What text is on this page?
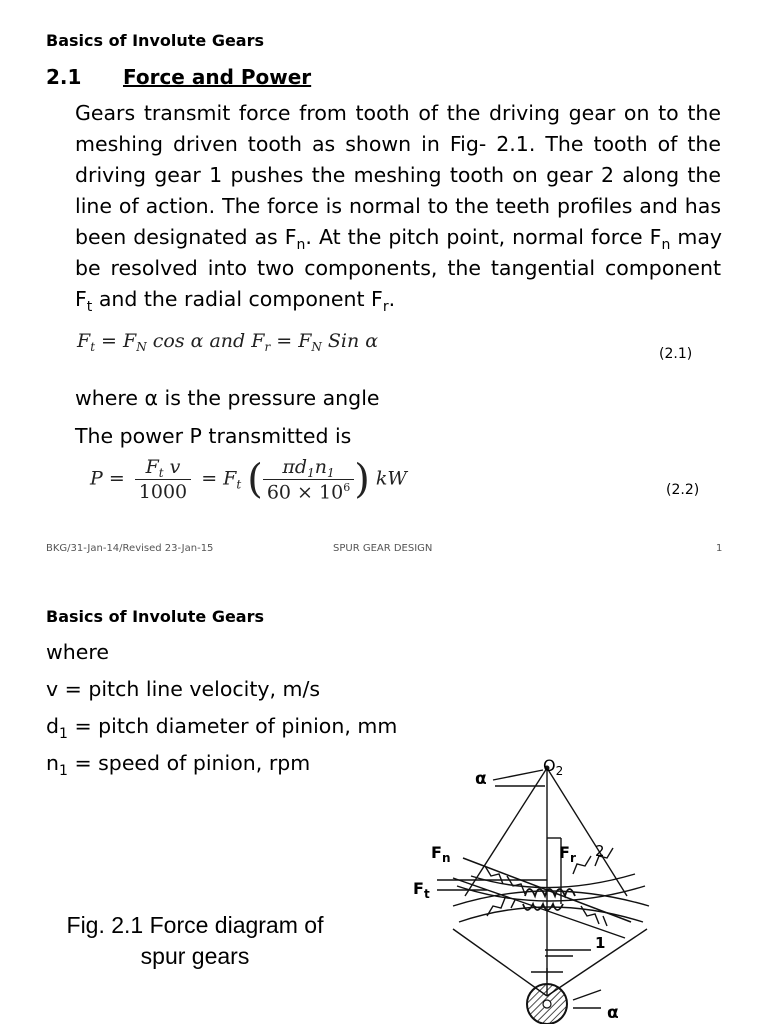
Basics of Involute Gears
2.1 Force and Power
Gears transmit force from tooth of the driving gear on to the
meshing driven tooth as shown in Fig- 2.1. The tooth of the
driving gear 1 pushes the meshing tooth on gear 2 along the
line of action. The force is normal to the teeth profiles and has
been designated as $F_n$. At the pitch point, normal force $F_n$ may
be resolved into two components, the tangential component
$F_t$ and the radial component $F_r$.
$F_t = F_N$ cos α and $F_r = F_N$ Sin α
(2.1)
where α is the pressure angle
The power P transmitted is
$P = \frac{F_t v}{1000} = F_t$ ( $\frac{\pi d_1n_1}{60 \times 10^6}$ ) kW
(2.2)
BKG/31-Jan-14/Revised 23-Jan-15	SPUR GEAR DESIGN	1
Basics of Involute Gears
where
v = pitch line velocity, m/s
$d_1$ = pitch diameter of pinion, mm
$n_1$ = speed of pinion, rpm
Fig. 2.1 Force diagram of
spur gears
α
$O_2$
$F_n$	$F_r$
$F_t$
2
1
α
